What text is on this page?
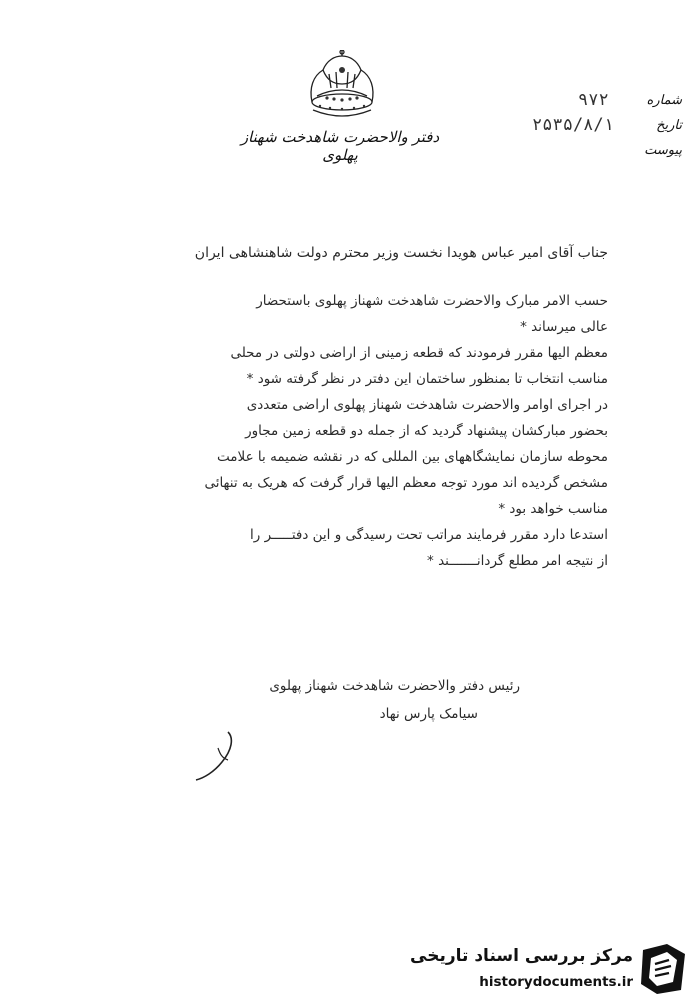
دفتر والاحضرت شاهدخت شهناز پهلوی
شماره
تاریخ
پیوست
۹۷۲
۲۵۳۵/۸/۱
جناب آقای امیر عباس هویدا نخست وزیر محترم دولت شاهنشاهی ایران
حسب الامر مبارک والاحضرت شاهدخت شهناز پهلوی باستحضار
عالی میرساند *
معظم الیها مقرر فرمودند که قطعه زمینی از اراضی دولتی در محلی
مناسب انتخاب تا بمنظور ساختمان این دفتر در نظر گرفته شود *
در اجرای اوامر والاحضرت شاهدخت شهناز پهلوی اراضی متعددی
بحضور مبارکشان پیشنهاد گردید که از جمله دو قطعه زمین مجاور
محوطه سازمان نمایشگاههای بین المللی که در نقشه ضمیمه با علامت
مشخص گردیده اند مورد توجه معظم الیها قرار گرفت که هریک به تنهائی
مناسب خواهد بود *
استدعا دارد مقرر فرمایند مراتب تحت رسیدگی و این دفتـــــر را
از نتیجه امر مطلع گردانـــــــند *
رئیس دفتر والاحضرت شاهدخت شهناز پهلوی
سیامک پارس نهاد
مرکز بررسی اسناد تاریخی
historydocuments.ir
